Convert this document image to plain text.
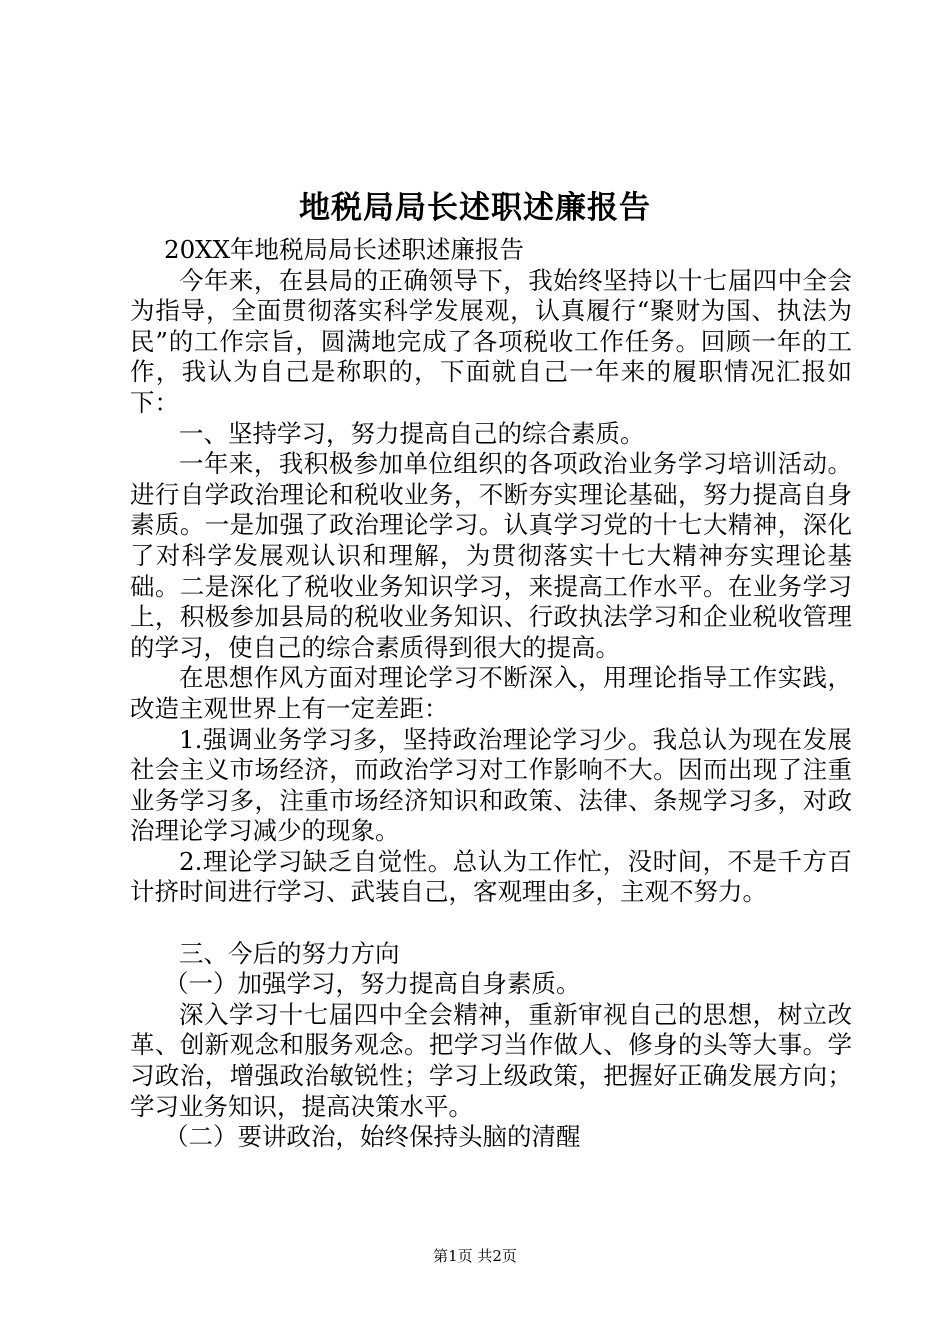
地税局局长述职述廉报告

20XX年地税局局长述职述廉报告

今年来，在县局的正确领导下，我始终坚持以十七届四中全会为指导，全面贯彻落实科学发展观，认真履行“聚财为国、执法为民”的工作宗旨，圆满地完成了各项税收工作任务。回顾一年的工作，我认为自己是称职的，下面就自己一年来的履职情况汇报如下：

一、坚持学习，努力提高自己的综合素质。

一年来，我积极参加单位组织的各项政治业务学习培训活动。进行自学政治理论和税收业务，不断夯实理论基础，努力提高自身素质。一是加强了政治理论学习。认真学习党的十七大精神，深化了对科学发展观认识和理解，为贯彻落实十七大精神夯实理论基础。二是深化了税收业务知识学习，来提高工作水平。在业务学习上，积极参加县局的税收业务知识、行政执法学习和企业税收管理的学习，使自己的综合素质得到很大的提高。

在思想作风方面对理论学习不断深入，用理论指导工作实践，改造主观世界上有一定差距：

1.强调业务学习多，坚持政治理论学习少。我总认为现在发展社会主义市场经济，而政治学习对工作影响不大。因而出现了注重业务学习多，注重市场经济知识和政策、法律、条规学习多，对政治理论学习减少的现象。

2.理论学习缺乏自觉性。总认为工作忙，没时间，不是千方百计挤时间进行学习、武装自己，客观理由多，主观不努力。

三、今后的努力方向

（一）加强学习，努力提高自身素质。

深入学习十七届四中全会精神，重新审视自己的思想，树立改革、创新观念和服务观念。把学习当作做人、修身的头等大事。学习政治，增强政治敏锐性；学习上级政策，把握好正确发展方向；学习业务知识，提高决策水平。

（二）要讲政治，始终保持头脑的清醒

第1页 共2页
